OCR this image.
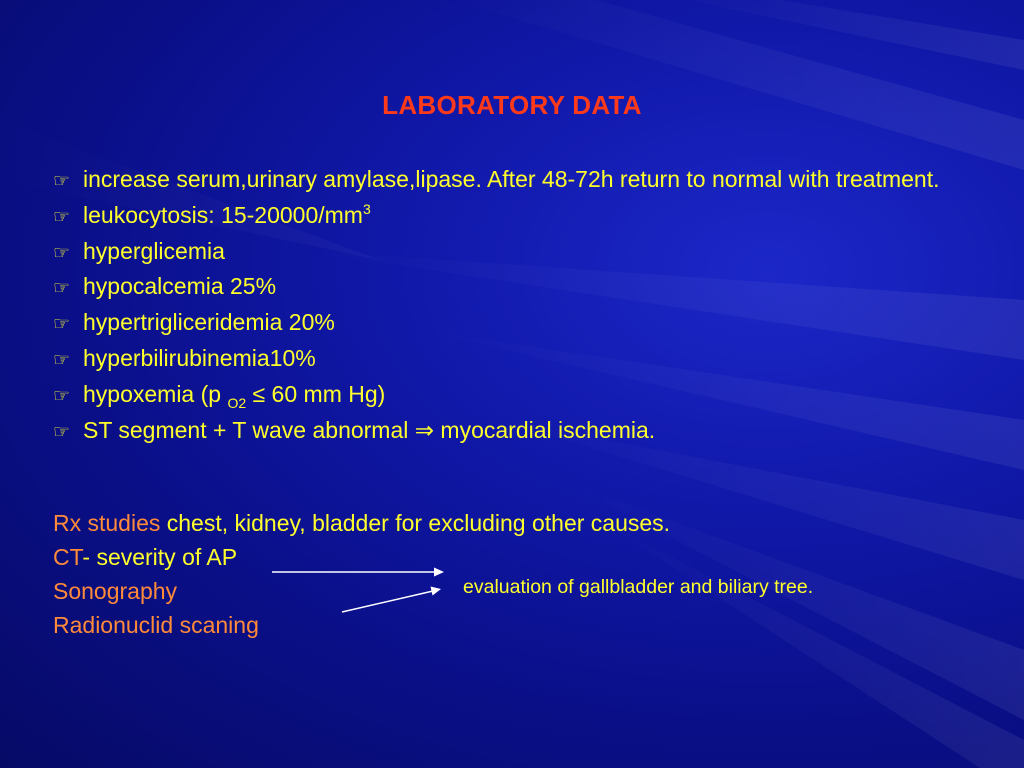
LABORATORY DATA
☞ increase serum,urinary amylase,lipase. After 48-72h return to normal with treatment.
☞ leukocytosis: $15-20000/mm^3$
☞ hyperglicemia
☞ hypocalcemia 25%
☞ hypertrigliceridemia 20%
☞ hyperbilirubinemia10%
☞ hypoxemia (p $_{O2}$ ≤ 60 mm Hg)
☞ ST segment + T wave abnormal ⇒ myocardial ischemia.
Rx studies chest, kidney, bladder for excluding other causes.
CT- severity of AP
Sonography
Radionuclid scaning
evaluation of gallbladder and biliary tree.
